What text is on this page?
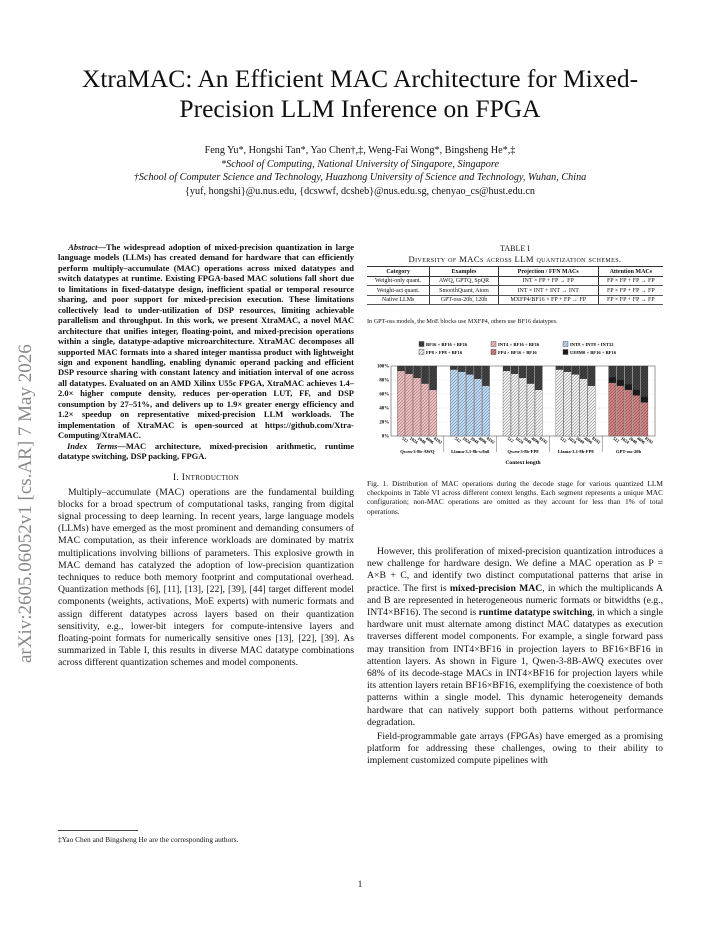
arXiv:2605.06052v1 [cs.AR] 7 May 2026
XtraMAC: An Efficient MAC Architecture for Mixed-Precision LLM Inference on FPGA
Feng Yu*, Hongshi Tan*, Yao Chen†,‡, Weng-Fai Wong*, Bingsheng He*,‡
*School of Computing, National University of Singapore, Singapore
†School of Computer Science and Technology, Huazhong University of Science and Technology, Wuhan, China
{yuf, hongshi}@u.nus.edu, {dcswwf, dcsheb}@nus.edu.sg, chenyao_cs@hust.edu.cn

Abstract—The widespread adoption of mixed-precision quantization in large language models (LLMs) has created demand for hardware that can efficiently perform multiply–accumulate (MAC) operations across mixed datatypes and switch datatypes at runtime. Existing FPGA-based MAC solutions fall short due to limitations in fixed-datatype design, inefficient spatial or temporal resource sharing, and poor support for mixed-precision execution. These limitations collectively lead to under-utilization of DSP resources, limiting achievable parallelism and throughput. In this work, we present XtraMAC, a novel MAC architecture that unifies integer, floating-point, and mixed-precision operations within a single, datatype-adaptive microarchitecture. XtraMAC decomposes all supported MAC formats into a shared integer mantissa product with lightweight sign and exponent handling, enabling dynamic operand packing and efficient DSP resource sharing with constant latency and initiation interval of one across all datatypes. Evaluated on an AMD Xilinx U55c FPGA, XtraMAC achieves 1.4–2.0× higher compute density, reduces per-operation LUT, FF, and DSP consumption by 27–51%, and delivers up to 1.9× greater energy efficiency and 1.2× speedup on representative mixed-precision LLM workloads. The implementation of XtraMAC is open-sourced at https://github.com/Xtra-Computing/XtraMAC.

Index Terms—MAC architecture, mixed-precision arithmetic, runtime datatype switching, DSP packing, FPGA.

I. Introduction

Multiply–accumulate (MAC) operations are the fundamental building blocks for a broad spectrum of computational tasks, ranging from digital signal processing to deep learning. In recent years, large language models (LLMs) have emerged as the most prominent and demanding consumers of MAC computation, as their inference workloads are dominated by matrix multiplications involving billions of parameters. This explosive growth in MAC demand has catalyzed the adoption of low-precision quantization techniques to reduce both memory footprint and computational overhead. Quantization methods [6], [11], [13], [22], [39], [44] target different model components (weights, activations, MoE experts) with numeric formats and assign different datatypes across layers based on their quantization sensitivity, e.g., lower-bit integers for compute-intensive layers and floating-point formats for numerically sensitive ones [13], [22], [39]. As summarized in Table I, this results in diverse MAC datatype combinations across different quantization schemes and model components.

‡Yao Chen and Bingsheng He are the corresponding authors.
TABLE I
Diversity of MACs across LLM quantization schemes.
Category	Examples	Projection / FFN MACs	Attention MACs
Weight-only quant.	AWQ, GPTQ, SpQR	INT × FP + FP → FP	FP × FP + FP → FP
Weight-act quant.	SmoothQuant, Atom	INT × INT + INT → INT	FP × FP + FP → FP
Native LLMs	GPT-oss-20b, 120b	MXFP4/BF16 × FP + FP → FP	FP × FP + FP → FP
In GPT-oss models, the MoE blocks use MXFP4, others use BF16 datatypes.
BF16 × BF16 + BF16	INT4 × BF16 + BF16	INT8 × INT8 + INT32
FP8 × FP8 + BF16	FP4 × BF16 + BF16	UE8M0 × BF16 + BF16
0%
20%
40%
60%
80%
100%
512 1024
2048
4096
8192
Qwen-3-8b-AWQ
512 1024
2048
4096
8192
Llama-3.1-8b-w8a8
512 1024
2048
4096
8192
Qwen-3-8b-FP8
512 1024
2048
4096
8192
Llama-3.1-8b-FP8
512 1024
2048
4096
8192
GPT-oss-20b
Context length
Fig. 1. Distribution of MAC operations during the decode stage for various quantized LLM checkpoints in Table VI across different context lengths. Each segment represents a unique MAC configuration; non-MAC operations are omitted as they account for less than 1% of total operations.

However, this proliferation of mixed-precision quantization introduces a new challenge for hardware design. We define a MAC operation as P = A×B + C, and identify two distinct computational patterns that arise in practice. The first is mixed-precision MAC, in which the multiplicands A and B are represented in heterogeneous numeric formats or bitwidths (e.g., INT4×BF16). The second is runtime datatype switching, in which a single hardware unit must alternate among distinct MAC datatypes as execution traverses different model components. For example, a single forward pass may transition from INT4×BF16 in projection layers to BF16×BF16 in attention layers. As shown in Figure 1, Qwen-3-8B-AWQ executes over 68% of its decode-stage MACs in INT4×BF16 for projection layers while its attention layers retain BF16×BF16, exemplifying the coexistence of both patterns within a single model. This dynamic heterogeneity demands hardware that can natively support both patterns without performance degradation.

Field-programmable gate arrays (FPGAs) have emerged as a promising platform for addressing these challenges, owing to their ability to implement customized compute pipelines with

1
